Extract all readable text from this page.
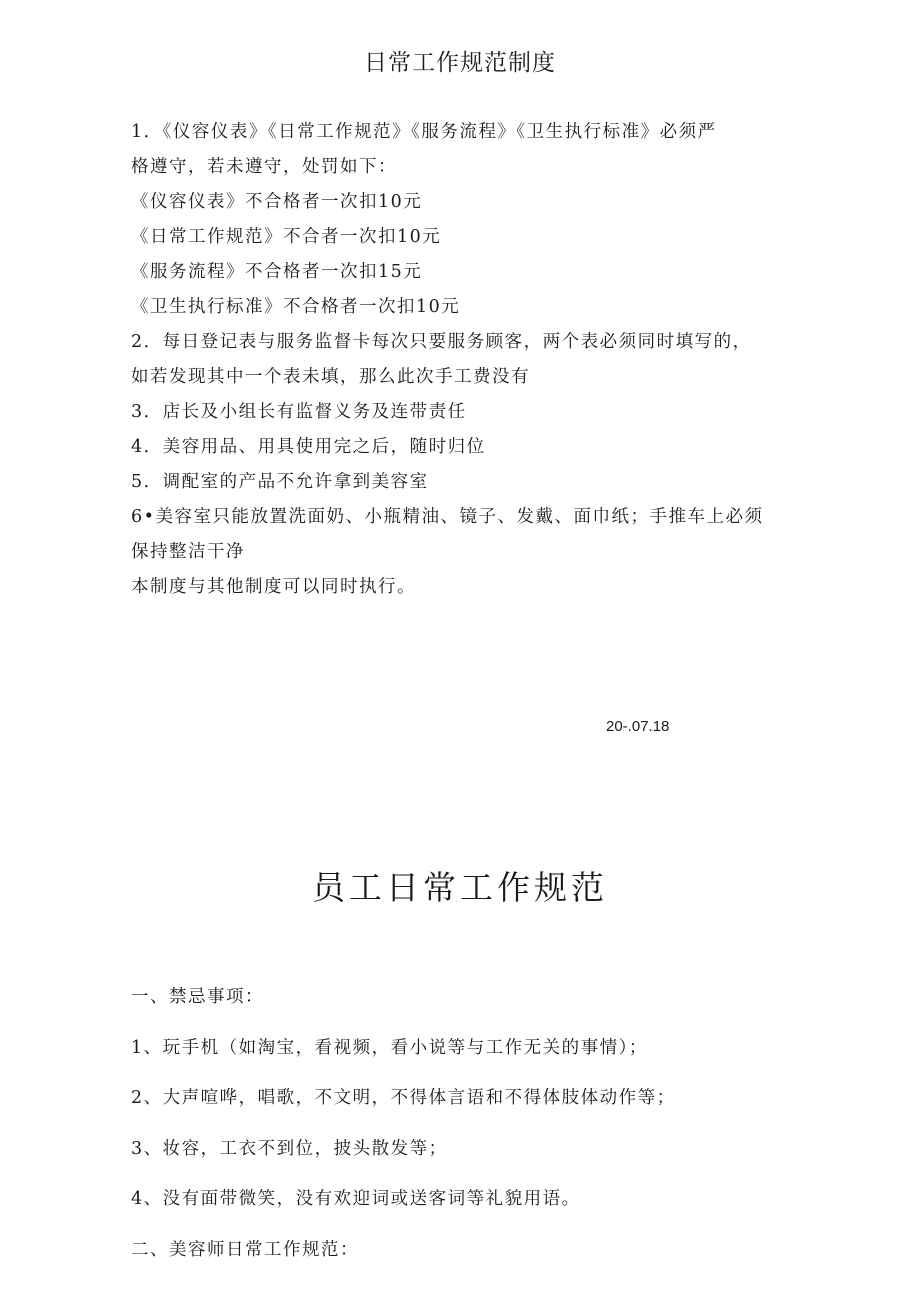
日常工作规范制度
1．《仪容仪表》《日常工作规范》《服务流程》《卫生执行标准》必须严
格遵守，若未遵守，处罚如下：
《仪容仪表》不合格者一次扣10元
《日常工作规范》不合者一次扣10元
《服务流程》不合格者一次扣15元
《卫生执行标准》不合格者一次扣10元
2．每日登记表与服务监督卡每次只要服务顾客，两个表必须同时填写的，
如若发现其中一个表未填，那么此次手工费没有
3．店长及小组长有监督义务及连带责任
4．美容用品、用具使用完之后，随时归位
5．调配室的产品不允许拿到美容室
6•美容室只能放置洗面奶、小瓶精油、镜子、发戴、面巾纸；手推车上必须
保持整洁干净
本制度与其他制度可以同时执行。
20-.07.18
员工日常工作规范
一、禁忌事项：
1、玩手机（如淘宝，看视频，看小说等与工作无关的事情）；
2、大声喧哗，唱歌，不文明，不得体言语和不得体肢体动作等；
3、妆容，工衣不到位，披头散发等；
4、没有面带微笑，没有欢迎词或送客词等礼貌用语。
二、美容师日常工作规范：
